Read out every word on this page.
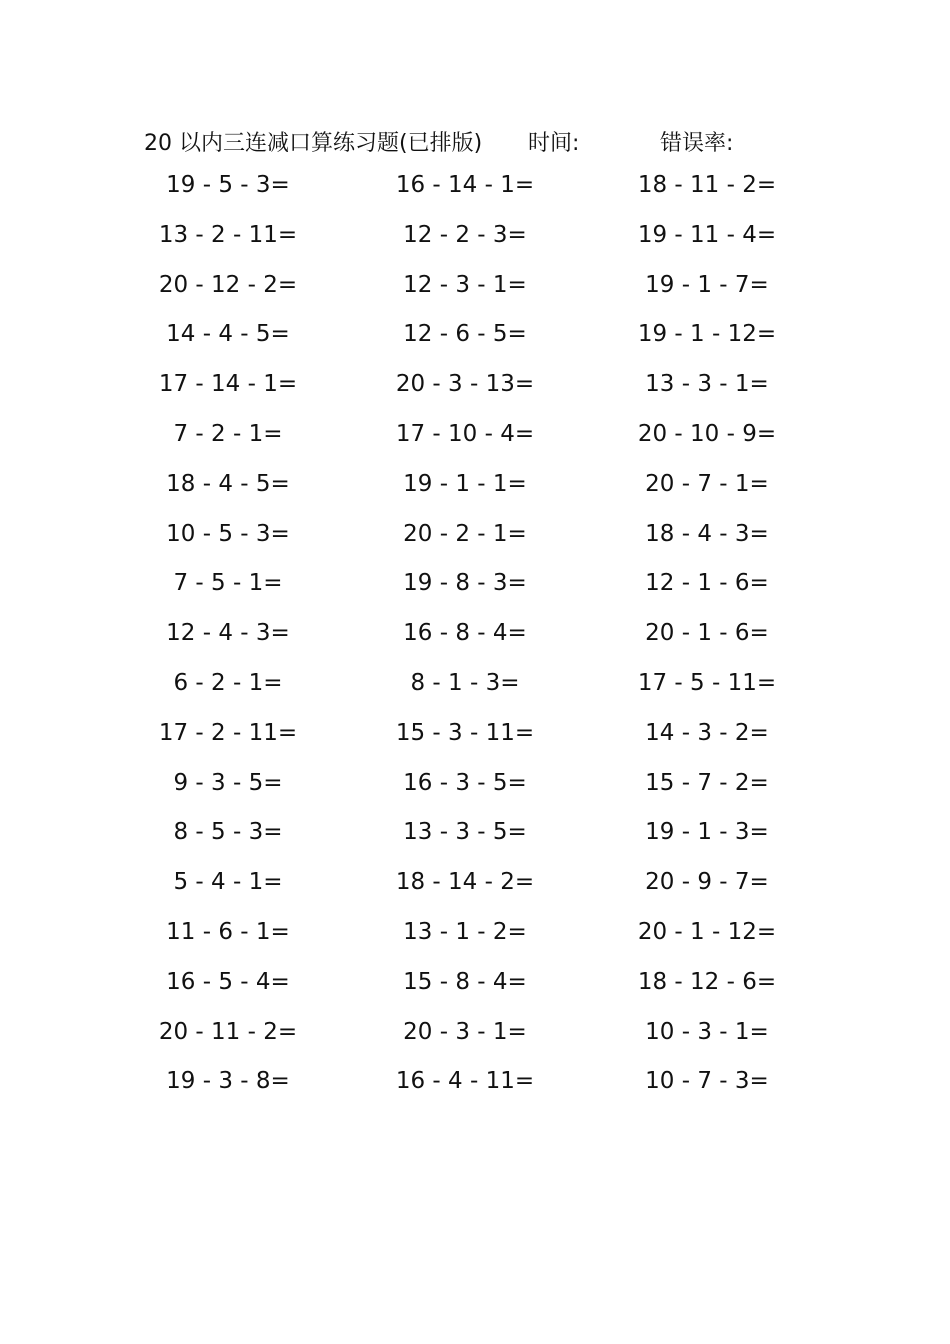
20 以内三连减口算练习题(已排版) 时间:	错误率:
19 - 5 - 3=	16 - 14 - 1=	18 - 11 - 2=
13 - 2 - 11=	12 - 2 - 3=	19 - 11 - 4=
20 - 12 - 2=	12 - 3 - 1=	19 - 1 - 7=
14 - 4 - 5=	12 - 6 - 5=	19 - 1 - 12=
17 - 14 - 1=	20 - 3 - 13=	13 - 3 - 1=
7 - 2 - 1=	17 - 10 - 4=	20 - 10 - 9=
18 - 4 - 5=	19 - 1 - 1=	20 - 7 - 1=
10 - 5 - 3=	20 - 2 - 1=	18 - 4 - 3=
7 - 5 - 1=	19 - 8 - 3=	12 - 1 - 6=
12 - 4 - 3=	16 - 8 - 4=	20 - 1 - 6=
6 - 2 - 1=	8 - 1 - 3=	17 - 5 - 11=
17 - 2 - 11=	15 - 3 - 11=	14 - 3 - 2=
9 - 3 - 5=	16 - 3 - 5=	15 - 7 - 2=
8 - 5 - 3=	13 - 3 - 5=	19 - 1 - 3=
5 - 4 - 1=	18 - 14 - 2=	20 - 9 - 7=
11 - 6 - 1=	13 - 1 - 2=	20 - 1 - 12=
16 - 5 - 4=	15 - 8 - 4=	18 - 12 - 6=
20 - 11 - 2=	20 - 3 - 1=	10 - 3 - 1=
19 - 3 - 8=	16 - 4 - 11=	10 - 7 - 3=
